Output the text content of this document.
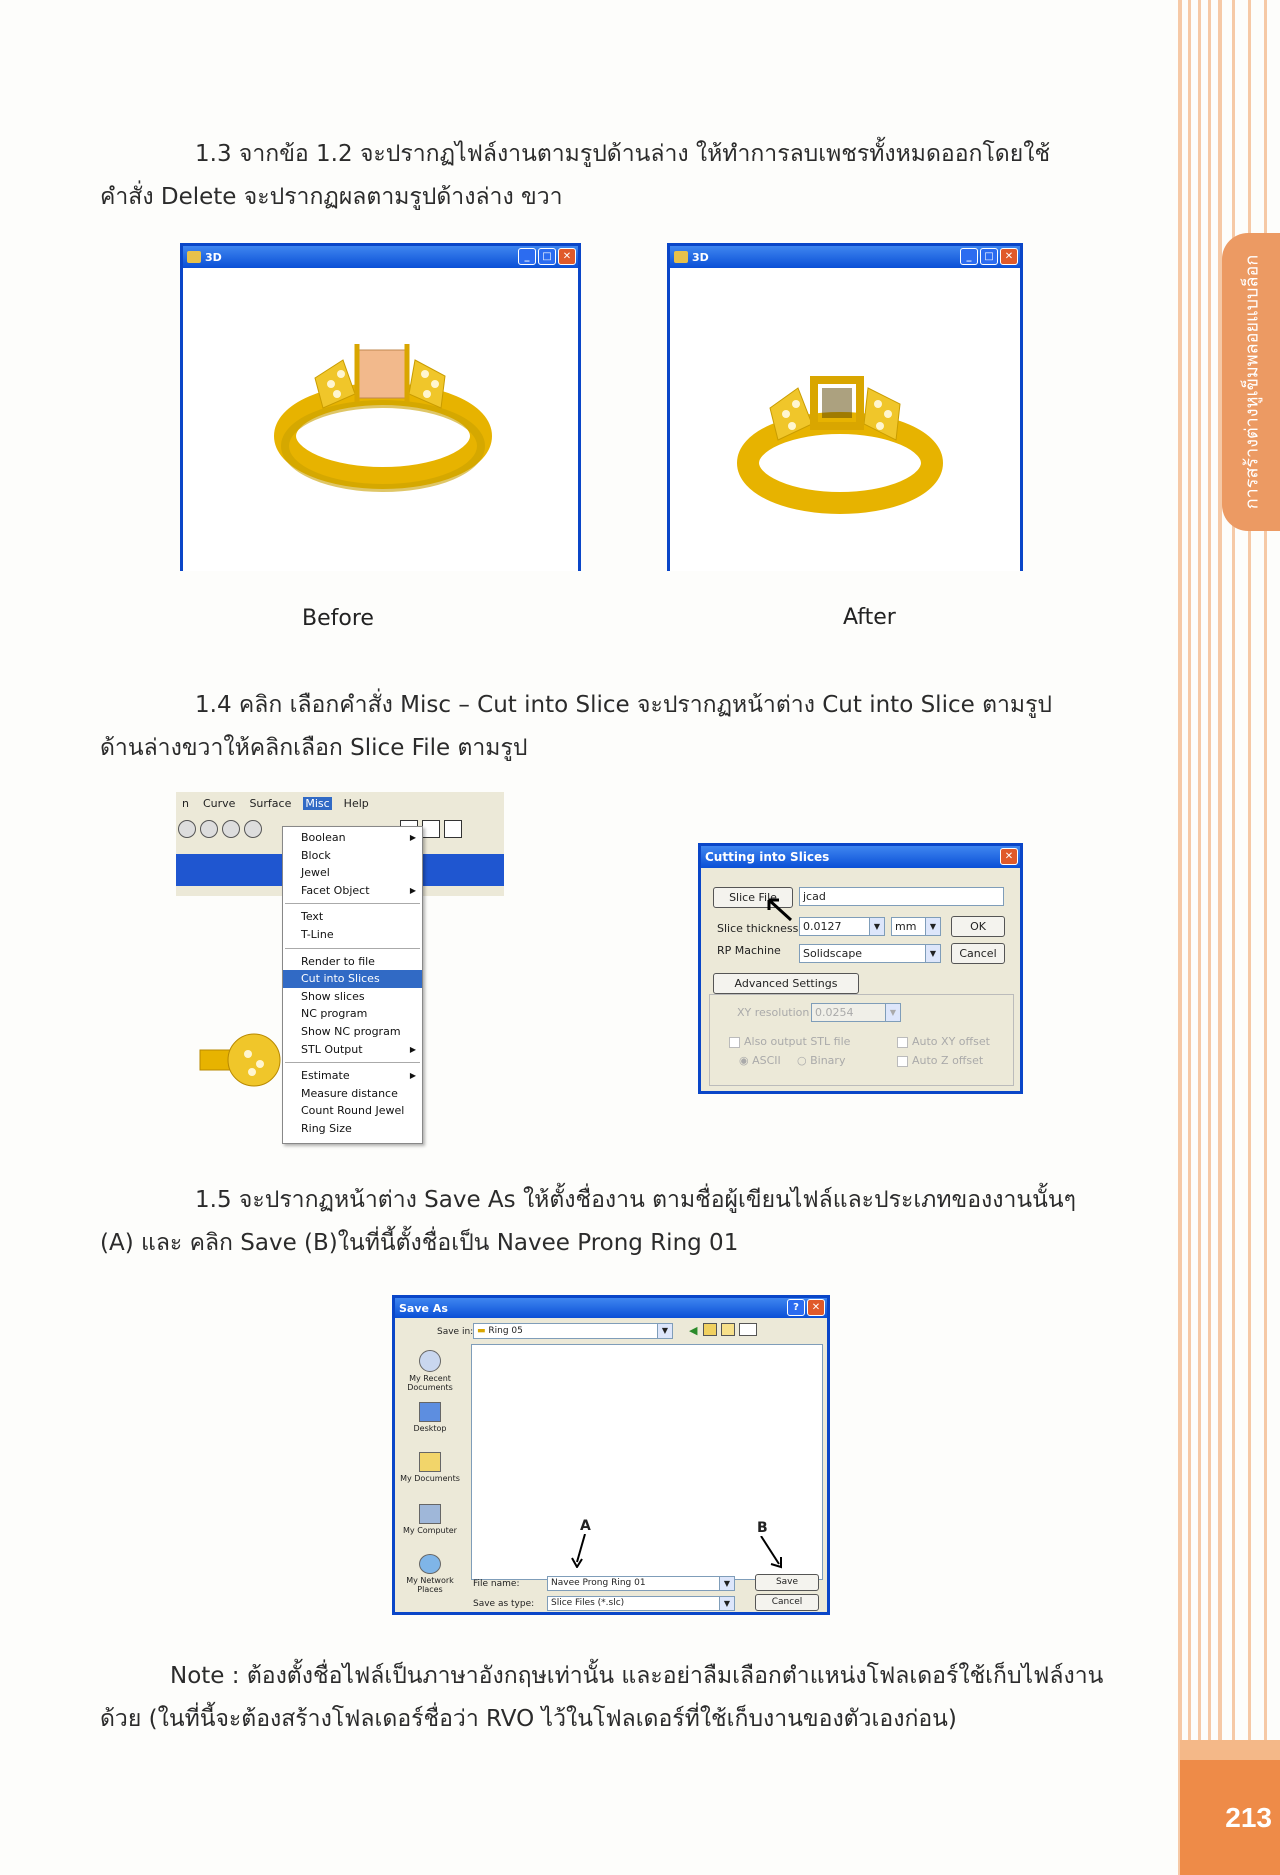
การสร้างต่างหูเข็มพลอยแบบล็อก
213
1.3 จากข้อ 1.2 จะปรากฏไฟล์งานตามรูปด้านล่าง ให้ทำการลบเพชรทั้งหมดออกโดยใช้
คำสั่ง Delete จะปรากฏผลตามรูปด้างล่าง ขวา
3D	_	□	✕	3D	_	□	✕
Before	After
1.4 คลิก เลือกคำสั่ง Misc – Cut into Slice จะปรากฏหน้าต่าง Cut into Slice ตามรูป
ด้านล่างขวาให้คลิกเลือก Slice File ตามรูป
n Curve Surface Misc Help
Boolean	▶
Block
Jewel
Facet Object	▶
Text
T-Line
Render to file
Cut into Slices
Show slices
NC program
Show NC program
STL Output	▶
Estimate	▶
Measure distance
Count Round Jewel
Ring Size
Cutting into Slices	✕
Slice File	jcad
Slice thickness 0.0127	▼	mm	▼	OK
RP Machine	Solidscape	▼	Cancel
Advanced Settings
XY resolution 0.0254	▼
Also output STL file	Auto XY offset
◉ ASCII ○ Binary	Auto Z offset
1.5 จะปรากฏหน้าต่าง Save As ให้ตั้งชื่องาน ตามชื่อผู้เขียนไฟล์และประเภทของงานนั้นๆ
(A) และ คลิก Save (B)ในที่นี้ตั้งชื่อเป็น Navee Prong Ring 01
Save As	?	✕
Save in: ▬ Ring 05	▼	◀
My Recent Documents
Desktop
My Documents
My Computer
My Network Places
A	B
File name:	Navee Prong Ring 01	▼
Save as type:	Slice Files (*.slc)	▼
Save
Cancel
Note : ต้องตั้งชื่อไฟล์เป็นภาษาอังกฤษเท่านั้น และอย่าลืมเลือกตำแหน่งโฟลเดอร์ใช้เก็บไฟล์งาน
ด้วย (ในที่นี้จะต้องสร้างโฟลเดอร์ชื่อว่า RVO ไว้ในโฟลเดอร์ที่ใช้เก็บงานของตัวเองก่อน)
